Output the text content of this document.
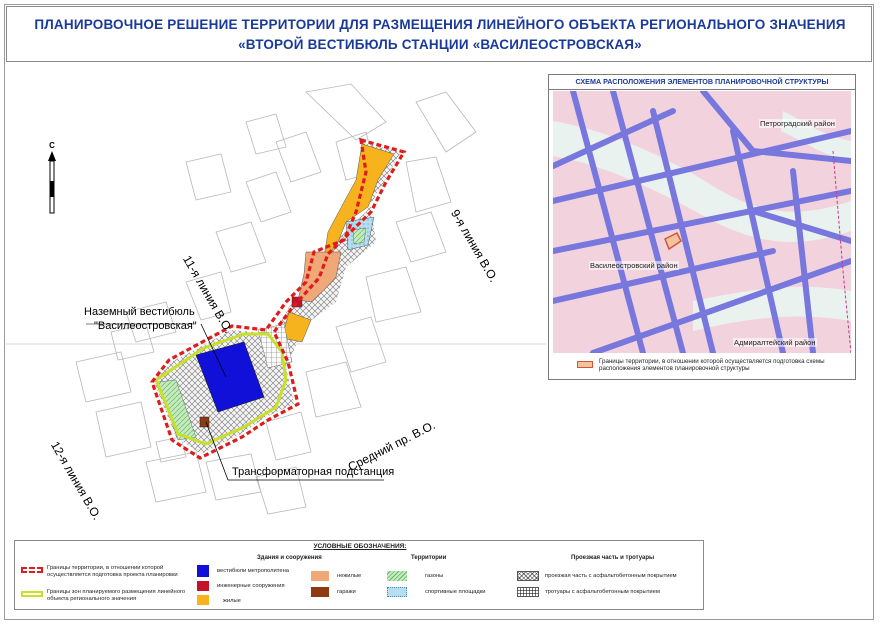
ПЛАНИРОВОЧНОЕ РЕШЕНИЕ ТЕРРИТОРИИ ДЛЯ РАЗМЕЩЕНИЯ ЛИНЕЙНОГО ОБЪЕКТА РЕГИОНАЛЬНОГО ЗНАЧЕНИЯ
«ВТОРОЙ ВЕСТИБЮЛЬ СТАНЦИИ «ВАСИЛЕОСТРОВСКАЯ»
С
11-я линия В.О.
9-я линия В.О.
12-я линия В.О.	Средний пр. В.О.
Наземный вестибюль
"Василеостровская"
Трансформаторная подстанция
СХЕМА РАСПОЛОЖЕНИЯ ЭЛЕМЕНТОВ ПЛАНИРОВОЧНОЙ СТРУКТУРЫ
Петроградский район
Василеостровский район
Адмиралтейский район
Границы территории, в отношении которой осуществляется подготовка схемы расположения элементов планировочной структуры
УСЛОВНЫЕ ОБОЗНАЧЕНИЯ:
Здания и сооружения	Территории	Проезжая часть и тротуары
Границы территории, в отношении которой осуществляется подготовка проекта планировки
Границы зон планируемого размещения линейного объекта регионального значения
вестибюли метрополитена
инженерные сооружения
жилые
нежилые
гаражи
газоны
спортивные площадки
проезжая часть с асфальтобетонным покрытием
тротуары с асфальтобетонным покрытием
